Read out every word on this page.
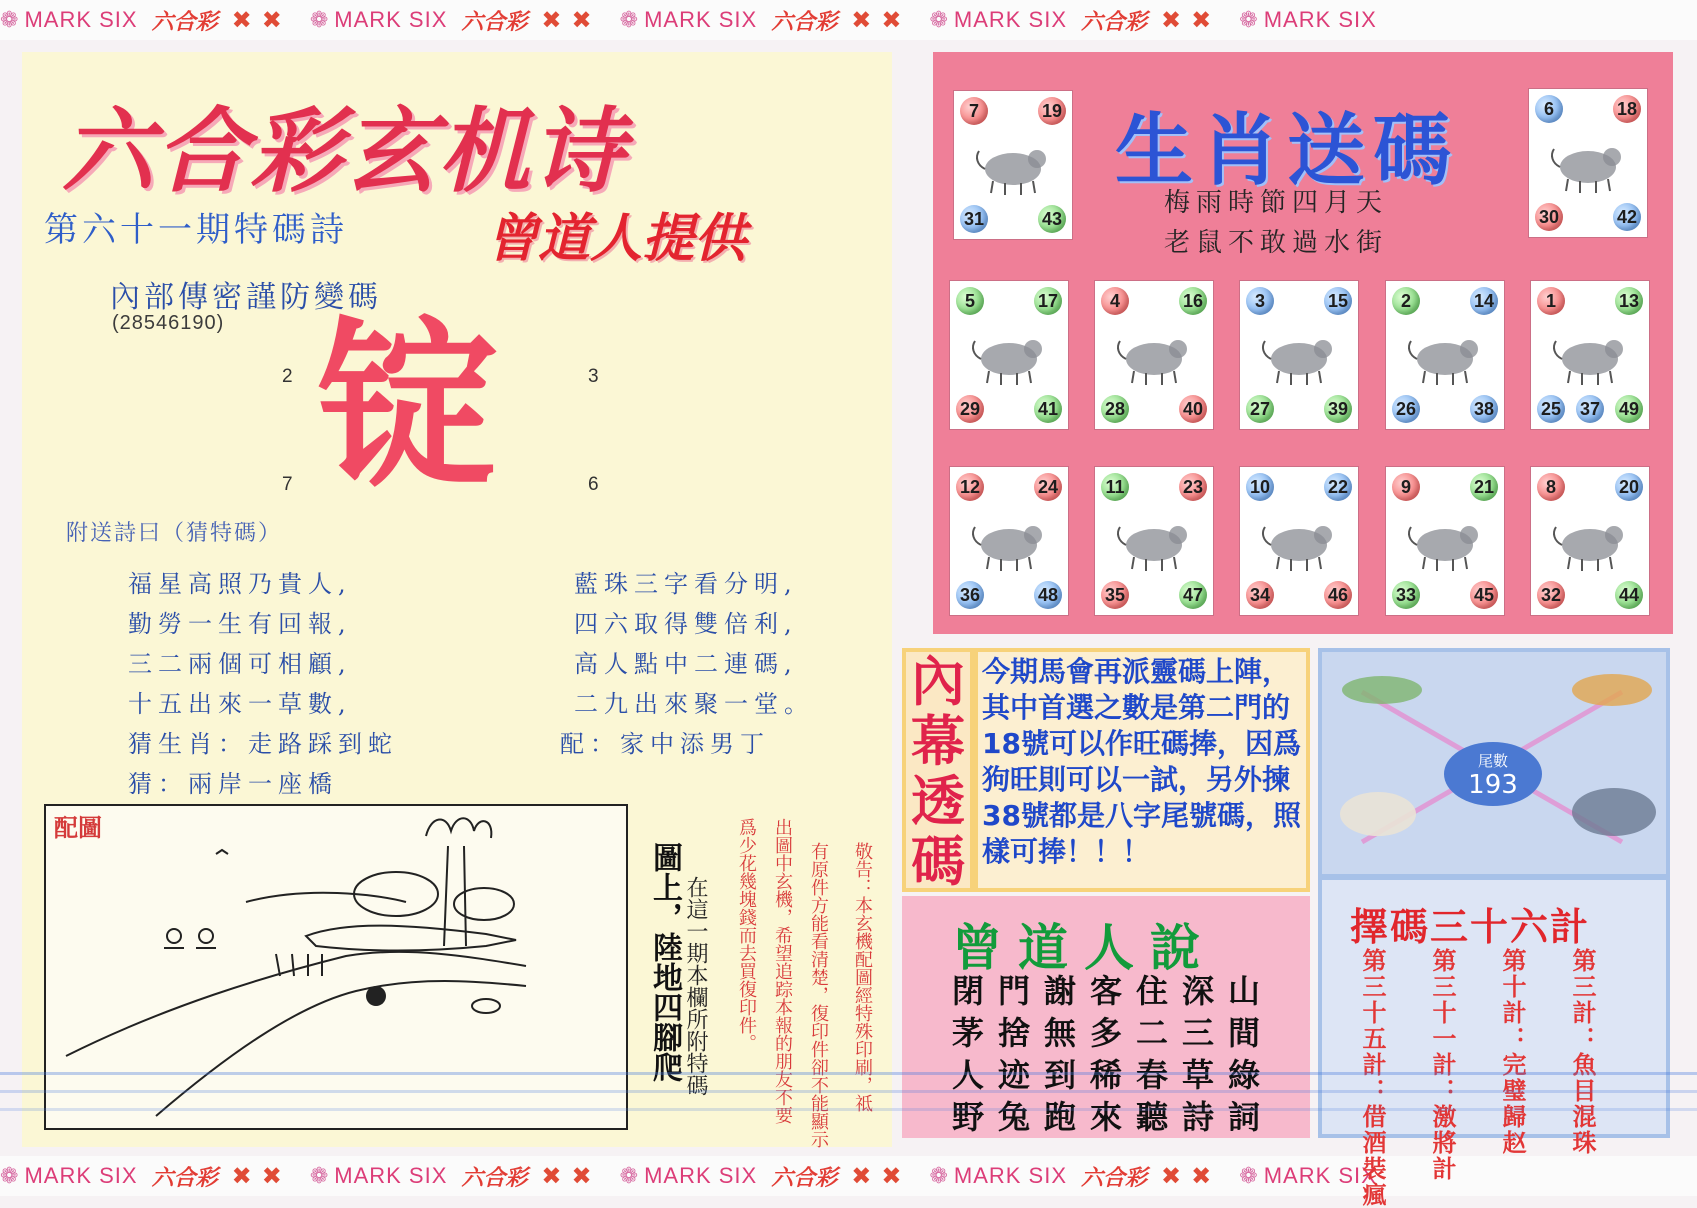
❁ MARK SIX 六合彩 ✖ ✖ ❁ MARK SIX 六合彩 ✖ ✖ ❁ MARK SIX 六合彩 ✖ ✖ ❁ MARK SIX 六合彩 ✖ ✖ ❁ MARK SIX
❁ MARK SIX 六合彩 ✖ ✖ ❁ MARK SIX 六合彩 ✖ ✖ ❁ MARK SIX 六合彩 ✖ ✖ ❁ MARK SIX 六合彩 ✖ ✖ ❁ MARK SIX
六合彩玄机诗
第六十一期特碼詩	曾道人提供
內部傳密謹防變碼
(28546190) 锭
2	3
7	6
附送詩曰（猜特碼）
福星高照乃貴人,
勤勞一生有回報,
三二兩個可相顧,
十五出來一草數,
猜生肖：走路踩到蛇
猜：兩岸一座橋
藍珠三字看分明,
四六取得雙倍利,
高人點中二連碼,
二九出來聚一堂。
配：家中添男丁
配圖
在這一期本欄所附特碼
圖上，陸地四腳爬	敬告：本玄機配圖經特殊印刷，祗
有原件方能看清楚，復印件卻不能顯示
出圖中玄機，希望追踪本報的朋友不要
爲少花幾塊錢而去買復印件。
生肖送碼
梅雨時節四月天
老鼠不敢過水街
7	19
31	43
6	18
30	42
5	17
29	41
4	16
28	40
3	15
27	39
2	14
26	38
1	13
25	49
37
12	24
36	48
11	23
35	47
10	22
34	46
9	21
33	45
8	20
32	44
內
幕
透
碼
今期馬會再派靈碼上陣，其中首選之數是第二門的18號可以作旺碼捧，因爲狗旺則可以一試，另外揀38號都是八字尾號碼，照樣可捧！！！
曾道人說
閉門謝客住深山
茅捨無多二三間
人迹到稀春草綠
野兔跑來聽詩詞
尾數
193
擇碼三十六計
第三計：魚目混珠
第十計：完璧歸赵
第三十一計：激將計
第三十五計：借酒裝瘋
